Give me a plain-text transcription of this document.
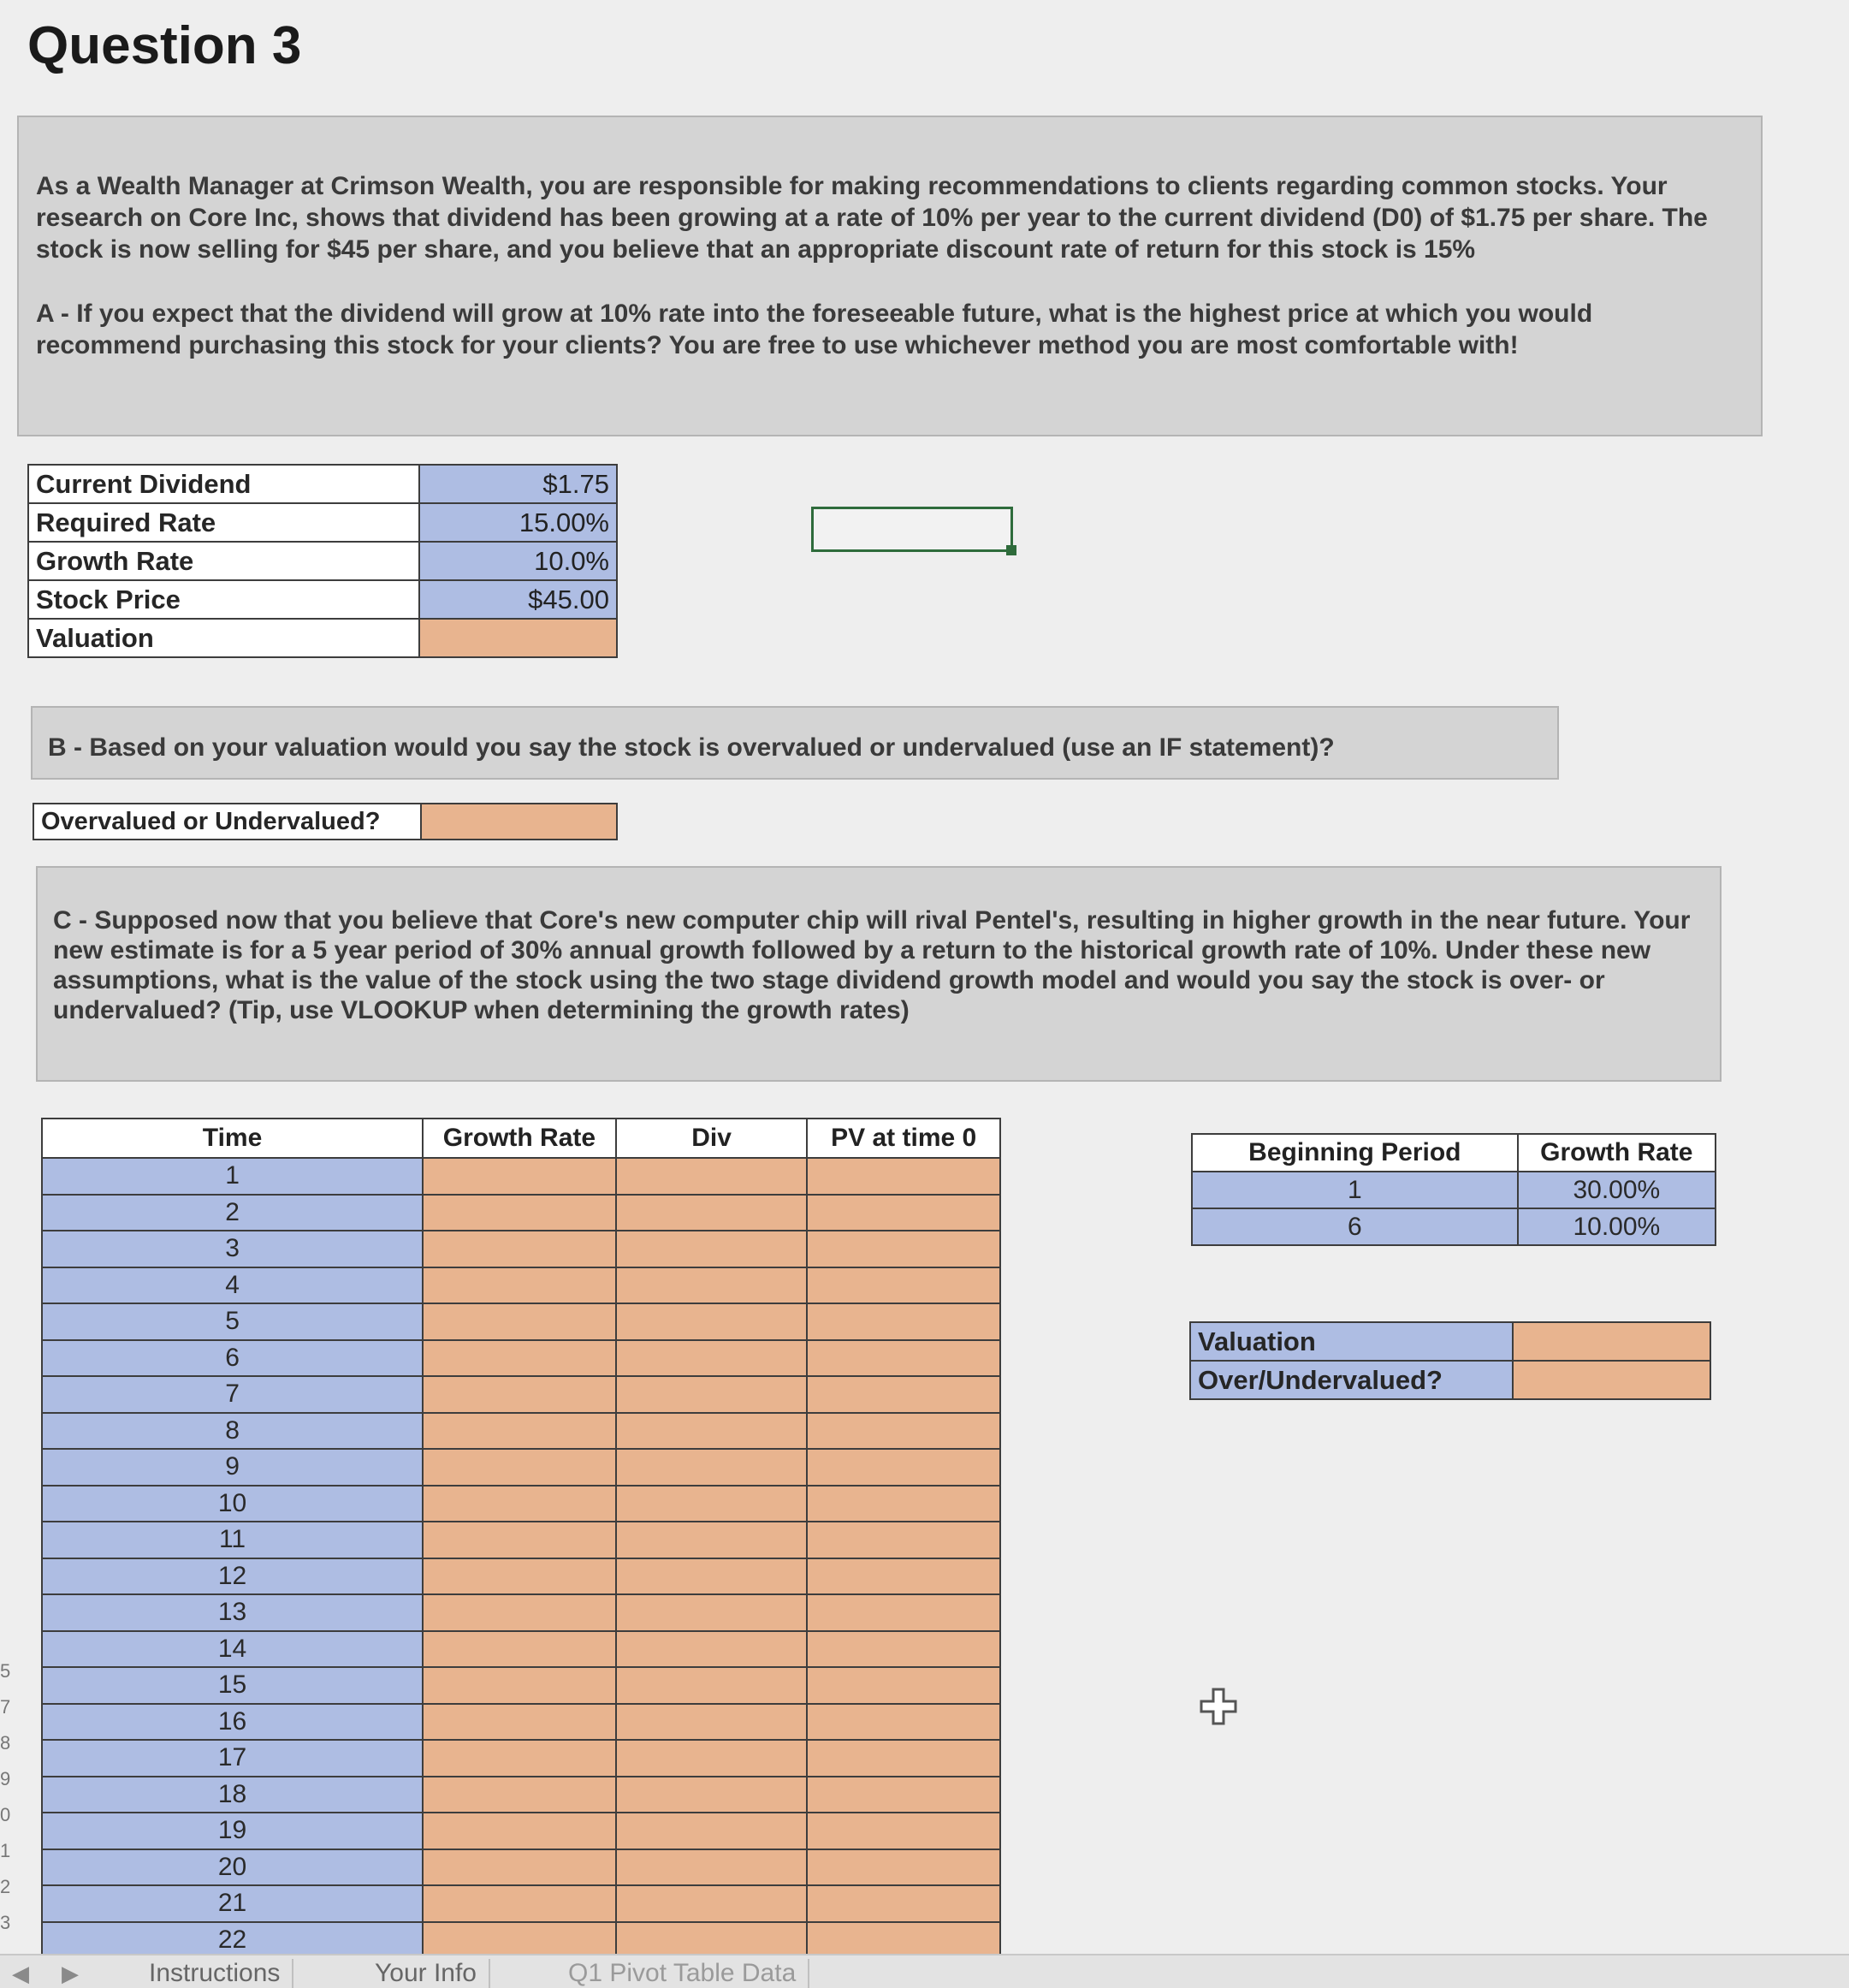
Question 3

As a Wealth Manager at Crimson Wealth, you are responsible for making recommendations to clients regarding common stocks. Your research on Core Inc, shows that dividend has been growing at a rate of 10% per year to the current dividend (D0) of $1.75 per share. The stock is now selling for $45 per share, and you believe that an appropriate discount rate of return for this stock is 15%

A - If you expect that the dividend will grow at 10% rate into the foreseeable future, what is the highest price at which you would recommend purchasing this stock for your clients? You are free to use whichever method you are most comfortable with!

Current Dividend	$1.75
Required Rate	15.00%
Growth Rate	10.0%
Stock Price	$45.00
Valuation	
B - Based on your valuation would you say the stock is overvalued or undervalued (use an IF statement)?
Overvalued or Undervalued?	
C - Supposed now that you believe that Core's new computer chip will rival Pentel's, resulting in higher growth in the near future. Your new estimate is for a 5 year period of 30% annual growth followed by a return to the historical growth rate of 10%. Under these new assumptions, what is the value of the stock using the two stage dividend growth model and would you say the stock is over- or undervalued? (Tip, use VLOOKUP when determining the growth rates)
Time	Growth Rate	Div	PV at time 0
1			
2			
3			
4			
5			
6			
7			
8			
9			
10			
11			
12			
13			
14			
15			
16			
17			
18			
19			
20			
21			
22			
Beginning Period	Growth Rate
1	30.00%
6	10.00%
Valuation	
Over/Undervalued?	
5
7
8
9
0
1
2
3
◀ ▶	Instructions	Your Info	Q1 Pivot Table Data
